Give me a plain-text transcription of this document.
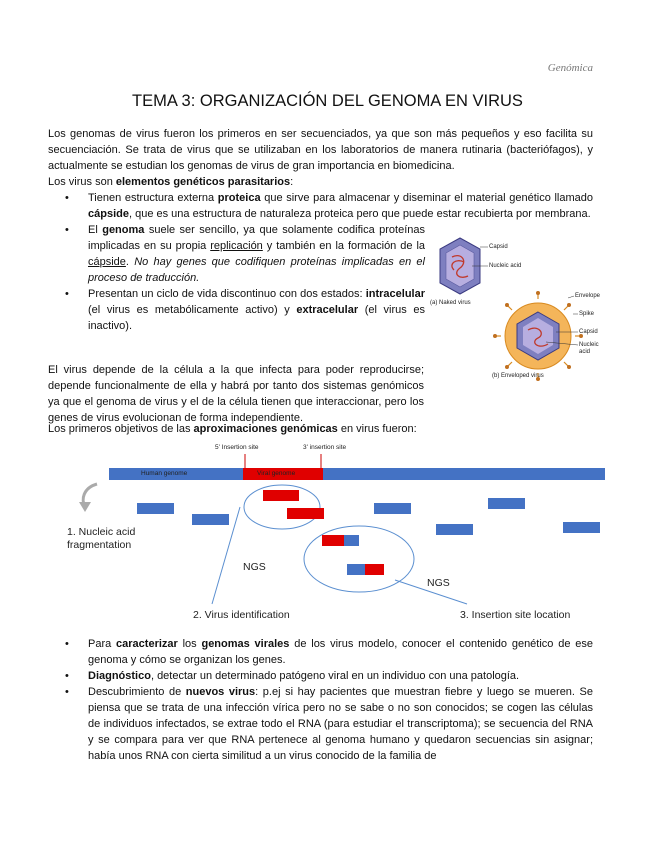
Genómica
TEMA 3: ORGANIZACIÓN DEL GENOMA EN VIRUS
Los genomas de virus fueron los primeros en ser secuenciados, ya que son más pequeños y eso facilita su secuenciación. Se trata de virus que se utilizaban en los laboratorios de manera rutinaria (bacteriófagos), y actualmente se estudian los genomas de virus de gran importancia en biomedicina.
Los virus son elementos genéticos parasitarios:
• Tienen estructura externa proteica que sirve para almacenar y diseminar el material genético llamado cápside, que es una estructura de naturaleza proteica pero que puede estar recubierta por membrana.
• El genoma suele ser sencillo, ya que solamente codifica proteínas implicadas en su propia replicación y también en la formación de la cápside. No hay genes que codifiquen proteínas implicadas en el proceso de traducción.
• Presentan un ciclo de vida discontinuo con dos estados: intracelular (el virus es metabólicamente activo) y extracelular (el virus es inactivo).
Capsid
Nucleic acid
(a) Naked virus
Envelope
Spike
Capsid
Nucleic acid
(b) Enveloped virus
El virus depende de la célula a la que infecta para poder reproducirse; depende funcionalmente de ella y habrá por tanto dos sistemas genómicos ya que el genoma de virus y el de la célula tienen que interaccionar, pero los genes de virus evolucionan de forma independiente.
Los primeros objetivos de las aproximaciones genómicas en virus fueron:
5' Insertion site	3' insertion site
Human genome	Viral genome
1. Nucleic acid
fragmentation
NGS
NGS
2. Virus identification	3. Insertion site location
• Para caracterizar los genomas virales de los virus modelo, conocer el contenido genético de ese genoma y cómo se organizan los genes.
• Diagnóstico, detectar un determinado patógeno viral en un individuo con una patología.
• Descubrimiento de nuevos virus: p.ej si hay pacientes que muestran fiebre y luego se mueren. Se piensa que se trata de una infección vírica pero no se sabe o no son conocidos; se cogen las células de individuos infectados, se extrae todo el RNA (para estudiar el transcriptoma); se secuencia del RNA y se compara para ver que RNA pertenece al genoma humano y quedaron secuencias sin asignar; había unos RNA con cierta similitud a un virus conocido de la familia de
